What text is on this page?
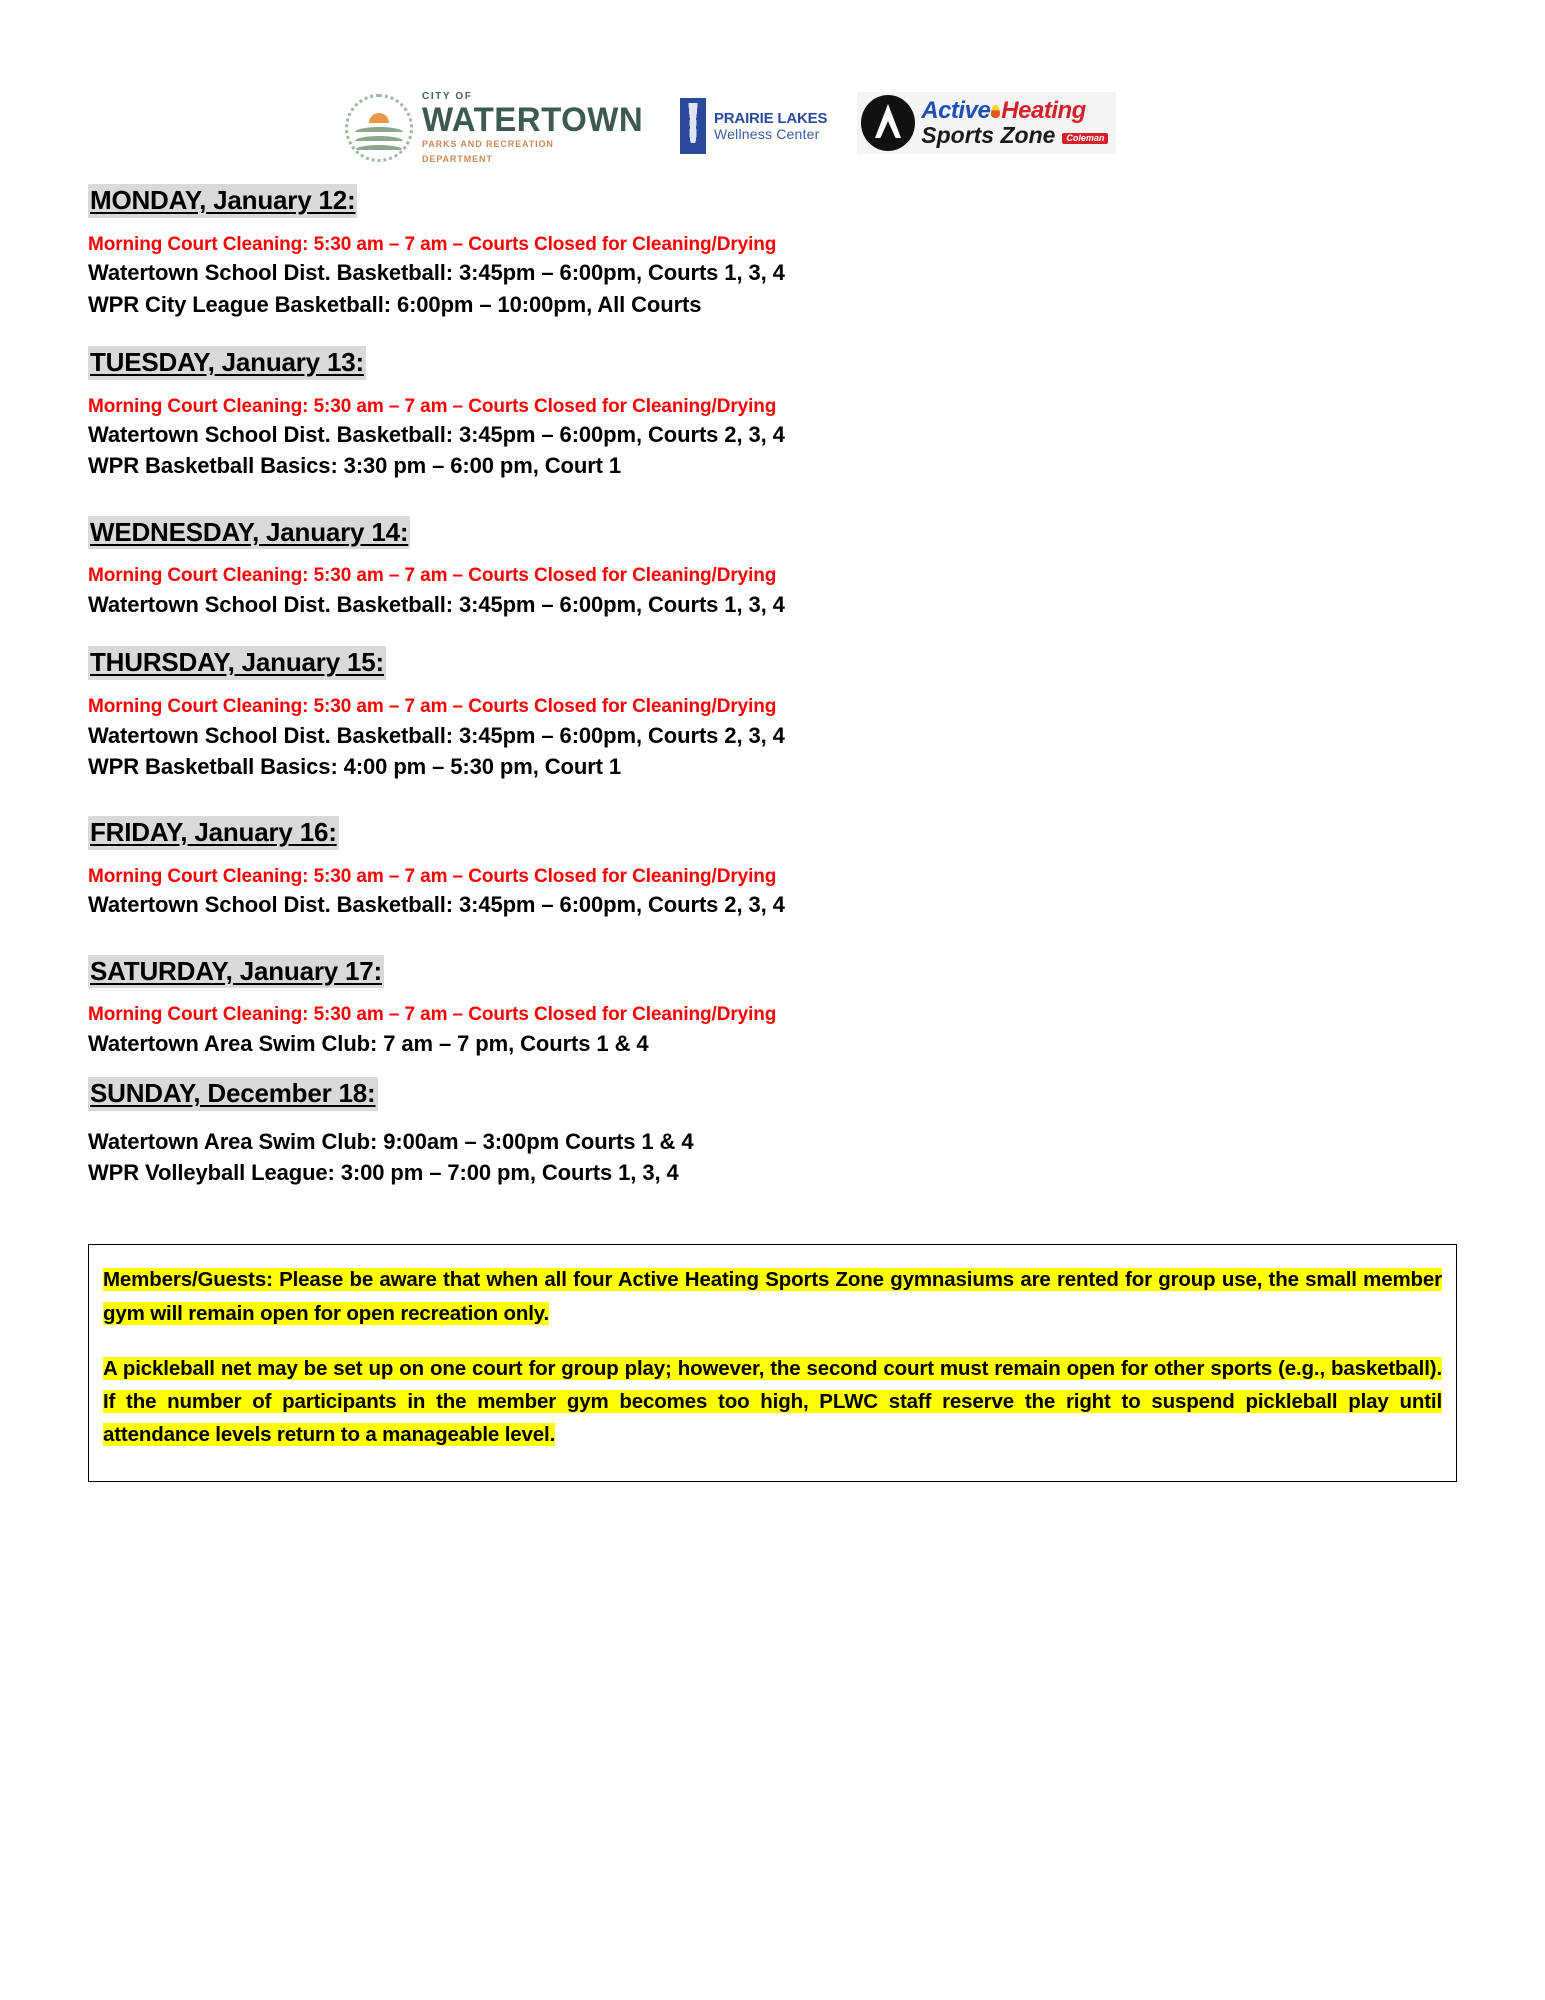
CITY OF
WATERTOWN
PARKS AND RECREATION
DEPARTMENT
PRAIRIE LAKES
Wellness Center
Active Heating
Sports Zone	Coleman
MONDAY, January 12:
Morning Court Cleaning: 5:30 am – 7 am – Courts Closed for Cleaning/Drying
Watertown School Dist. Basketball: 3:45pm – 6:00pm, Courts 1, 3, 4
WPR City League Basketball: 6:00pm – 10:00pm, All Courts
TUESDAY, January 13:
Morning Court Cleaning: 5:30 am – 7 am – Courts Closed for Cleaning/Drying
Watertown School Dist. Basketball: 3:45pm – 6:00pm, Courts 2, 3, 4
WPR Basketball Basics: 3:30 pm – 6:00 pm, Court 1
WEDNESDAY, January 14:
Morning Court Cleaning: 5:30 am – 7 am – Courts Closed for Cleaning/Drying
Watertown School Dist. Basketball: 3:45pm – 6:00pm, Courts 1, 3, 4
THURSDAY, January 15:
Morning Court Cleaning: 5:30 am – 7 am – Courts Closed for Cleaning/Drying
Watertown School Dist. Basketball: 3:45pm – 6:00pm, Courts 2, 3, 4
WPR Basketball Basics: 4:00 pm – 5:30 pm, Court 1
FRIDAY, January 16:
Morning Court Cleaning: 5:30 am – 7 am – Courts Closed for Cleaning/Drying
Watertown School Dist. Basketball: 3:45pm – 6:00pm, Courts 2, 3, 4
SATURDAY, January 17:
Morning Court Cleaning: 5:30 am – 7 am – Courts Closed for Cleaning/Drying
Watertown Area Swim Club: 7 am – 7 pm, Courts 1 & 4
SUNDAY, December 18:
Watertown Area Swim Club: 9:00am – 3:00pm Courts 1 & 4
WPR Volleyball League: 3:00 pm – 7:00 pm, Courts 1, 3, 4

Members/Guests: Please be aware that when all four Active Heating Sports Zone gymnasiums are rented for group use, the small member gym will remain open for open recreation only.

A pickleball net may be set up on one court for group play; however, the second court must remain open for other sports (e.g., basketball). If the number of participants in the member gym becomes too high, PLWC staff reserve the right to suspend pickleball play until attendance levels return to a manageable level.
